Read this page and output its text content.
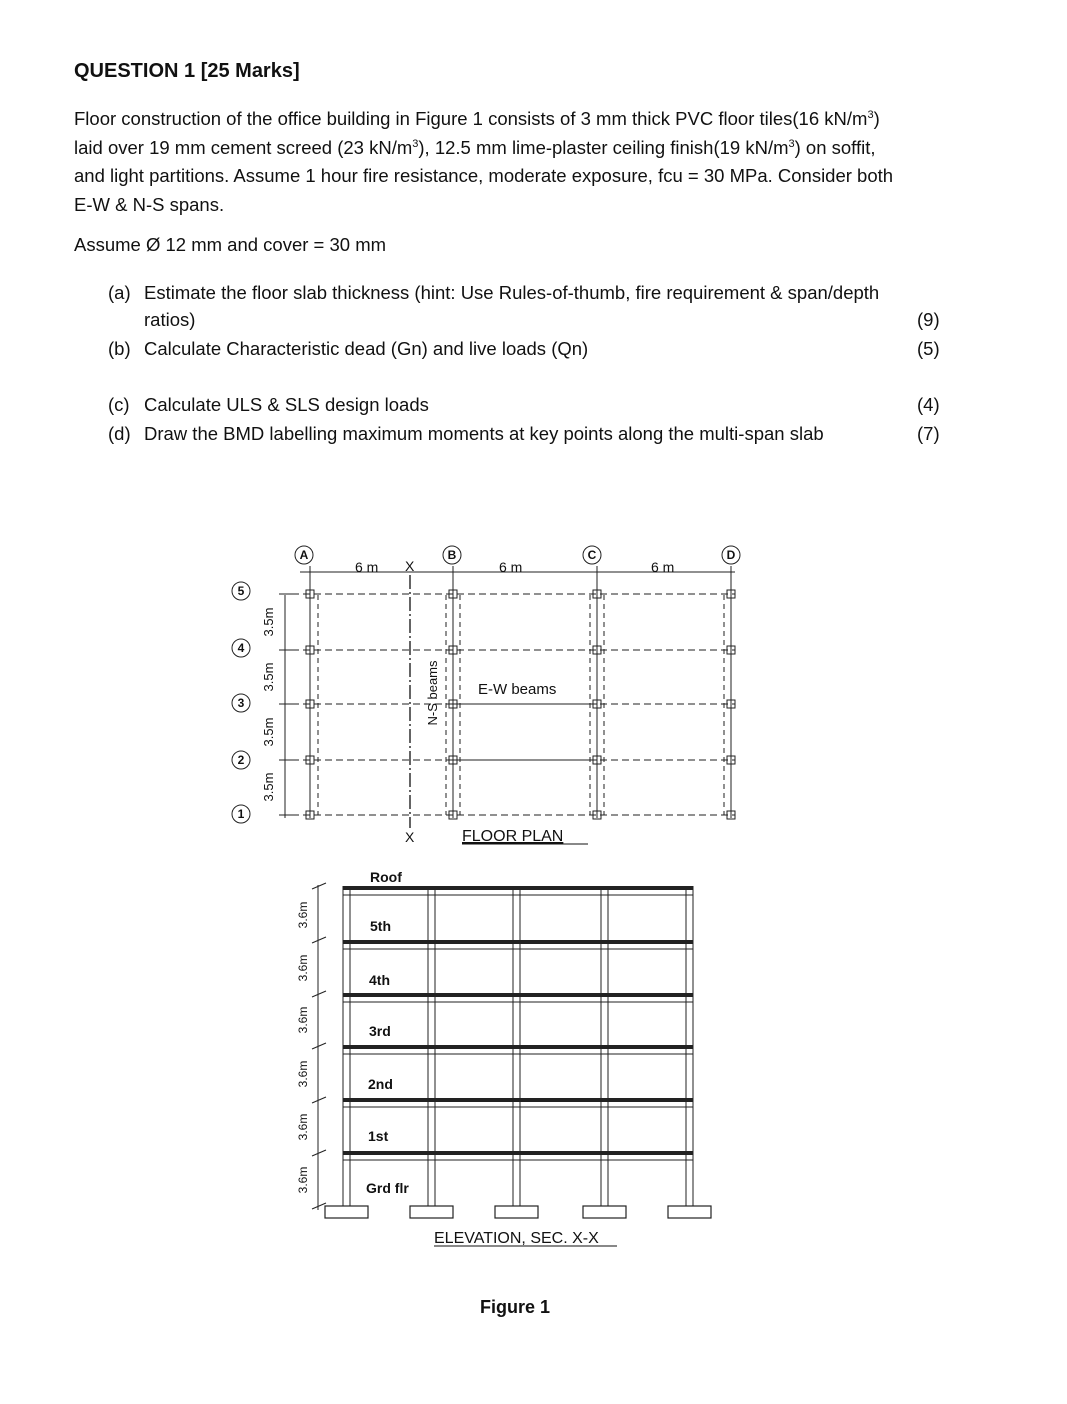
QUESTION 1 [25 Marks]
Floor construction of the office building in Figure 1 consists of 3 mm thick PVC floor tiles(16 $kN/m^3$)
laid over 19 mm cement screed (23 $kN/m^3$), 12.5 mm lime-plaster ceiling finish(19 $kN/m^3$) on soffit,
and light partitions. Assume 1 hour fire resistance, moderate exposure, fcu = 30 MPa. Consider both
E-W & N-S spans.
Assume Ø 12 mm and cover = 30 mm
(a) Estimate the floor slab thickness (hint: Use Rules-of-thumb, fire requirement & span/depth
ratios)	(9)
(b) Calculate Characteristic dead (Gn) and live loads (Qn)	(5)
(c) Calculate ULS & SLS design loads	(4)
(d) Draw the BMD labelling maximum moments at key points along the multi-span slab	(7)
A	B	C	D
5
4
3
2
1
6 m	6 m	6 m
X
X
3.5m
3.5m
3.5m
3.5m
N-S beams	E-W beams
FLOOR PLAN
Roof
5th
4th
3rd
2nd
1st
Grd flr
3.6m
3.6m
3.6m
3.6m
3.6m
3.6m
ELEVATION, SEC. X-X
Figure 1
